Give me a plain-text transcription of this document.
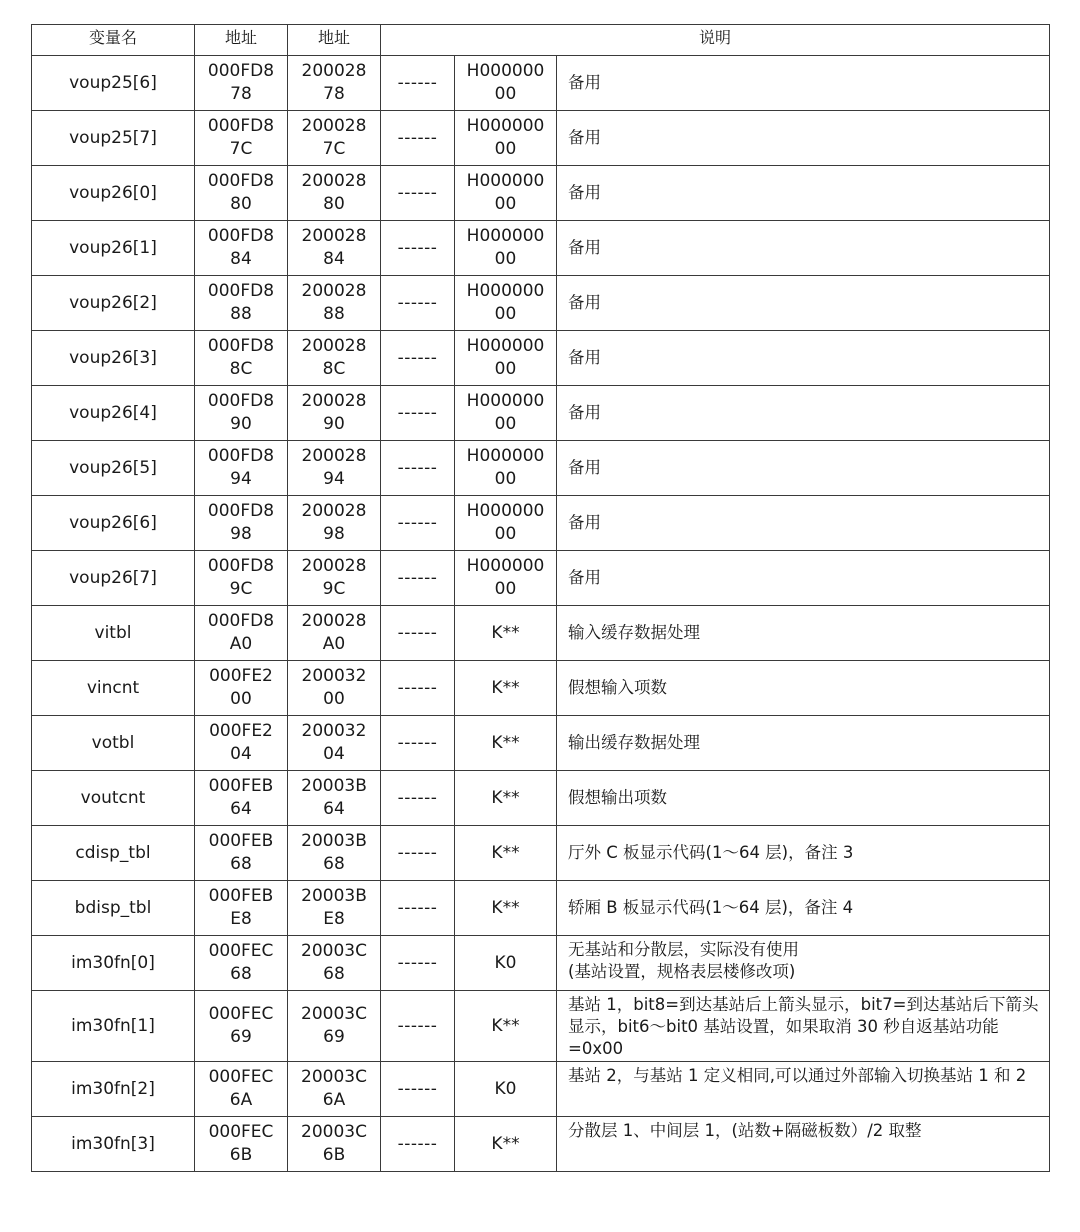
变量名	地址	地址	说明		
voup25[6]	000FD878	20002878	------	H00000000	备用
voup25[7]	000FD87C	2000287C	------	H00000000	备用
voup26[0]	000FD880	20002880	------	H00000000	备用
voup26[1]	000FD884	20002884	------	H00000000	备用
voup26[2]	000FD888	20002888	------	H00000000	备用
voup26[3]	000FD88C	2000288C	------	H00000000	备用
voup26[4]	000FD890	20002890	------	H00000000	备用
voup26[5]	000FD894	20002894	------	H00000000	备用
voup26[6]	000FD898	20002898	------	H00000000	备用
voup26[7]	000FD89C	2000289C	------	H00000000	备用
vitbl	000FD8A0	200028A0	------	K**	输入缓存数据处理
vincnt	000FE200	20003200	------	K**	假想输入项数
votbl	000FE204	20003204	------	K**	输出缓存数据处理
voutcnt	000FEB64	20003B64	------	K**	假想输出项数
cdisp_tbl	000FEB68	20003B68	------	K**	厅外 C 板显示代码(1～64 层)，备注 3
bdisp_tbl	000FEBE8	20003BE8	------	K**	轿厢 B 板显示代码(1～64 层)，备注 4
im30fn[0]	000FEC68	20003C68	------	K0	无基站和分散层，实际没有使用
(基站设置，规格表层楼修改项)
im30fn[1]	000FEC69	20003C69	------	K**	基站 1，bit8=到达基站后上箭头显示，bit7=到达基站后下箭头显示，bit6～bit0 基站设置，如果取消 30 秒自返基站功能=0x00
im30fn[2]	000FEC6A	20003C6A	------	K0	基站 2，与基站 1 定义相同,可以通过外部输入切换基站 1 和 2
im30fn[3]	000FEC6B	20003C6B	------	K**	分散层 1、中间层 1，(站数+隔磁板数）/2 取整
